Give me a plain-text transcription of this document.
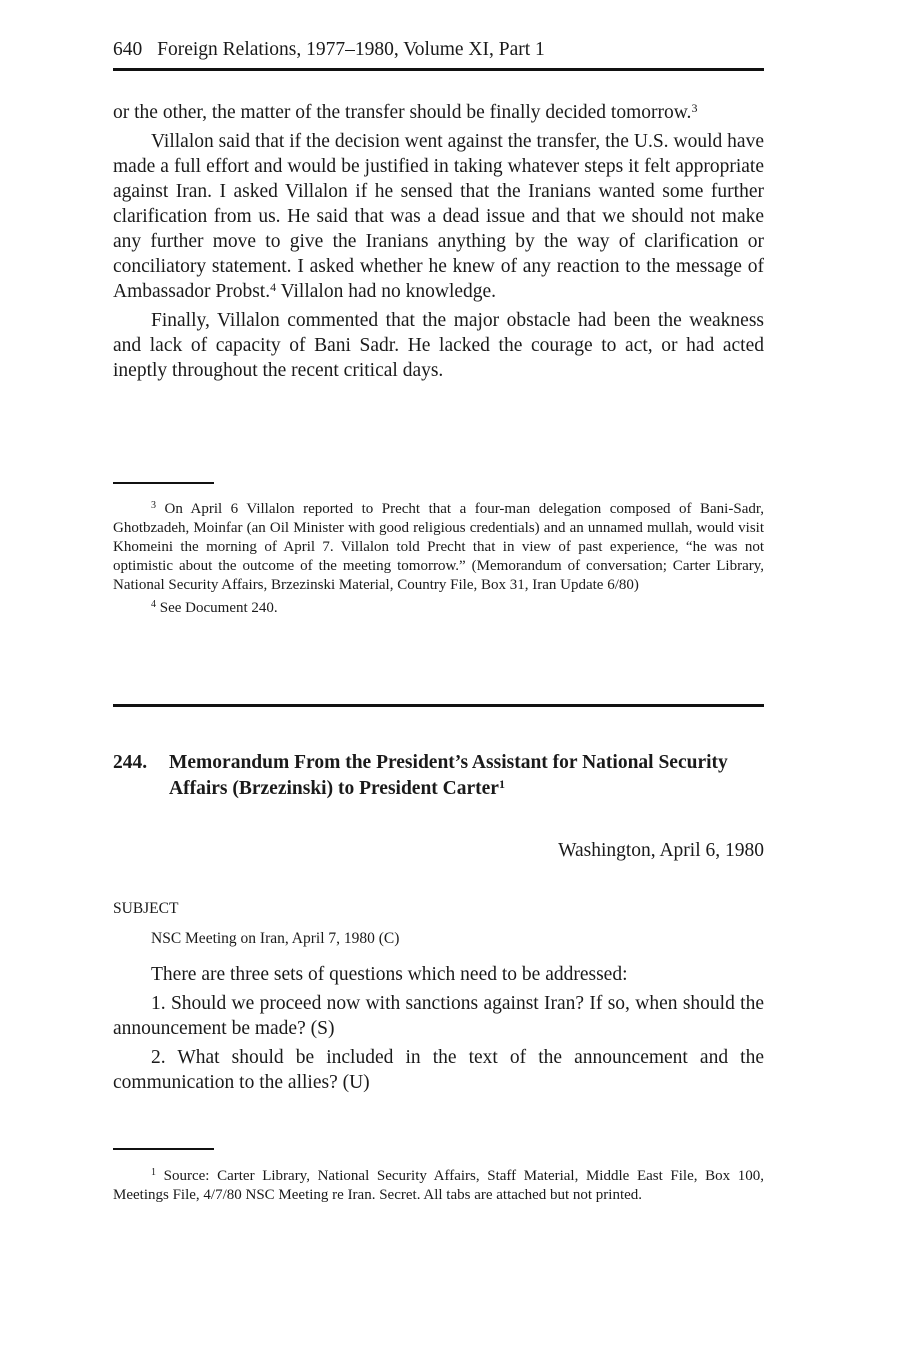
640 Foreign Relations, 1977–1980, Volume XI, Part 1

or the other, the matter of the transfer should be finally decided tomorrow.$^3$

Villalon said that if the decision went against the transfer, the U.S. would have made a full effort and would be justified in taking whatever steps it felt appropriate against Iran. I asked Villalon if he sensed that the Iranians wanted some further clarification from us. He said that was a dead issue and that we should not make any further move to give the Iranians anything by the way of clarification or conciliatory statement. I asked whether he knew of any reaction to the message of Ambassador Probst.$^4$ Villalon had no knowledge.

Finally, Villalon commented that the major obstacle had been the weakness and lack of capacity of Bani Sadr. He lacked the courage to act, or had acted ineptly throughout the recent critical days.

$^3$ On April 6 Villalon reported to Precht that a four-man delegation composed of Bani-Sadr, Ghotbzadeh, Moinfar (an Oil Minister with good religious credentials) and an unnamed mullah, would visit Khomeini the morning of April 7. Villalon told Precht that in view of past experience, “he was not optimistic about the outcome of the meeting tomorrow.” (Memorandum of conversation; Carter Library, National Security Affairs, Brzezinski Material, Country File, Box 31, Iran Update 6/80)

$^4$ See Document 240.

244. Memorandum From the President’s Assistant for National Security Affairs (Brzezinski) to President Carter$^1$
Washington, April 6, 1980
SUBJECT
NSC Meeting on Iran, April 7, 1980 (C)

There are three sets of questions which need to be addressed:

1. Should we proceed now with sanctions against Iran? If so, when should the announcement be made? (S)

2. What should be included in the text of the announcement and the communication to the allies? (U)

$^1$ Source: Carter Library, National Security Affairs, Staff Material, Middle East File, Box 100, Meetings File, 4/7/80 NSC Meeting re Iran. Secret. All tabs are attached but not printed.
